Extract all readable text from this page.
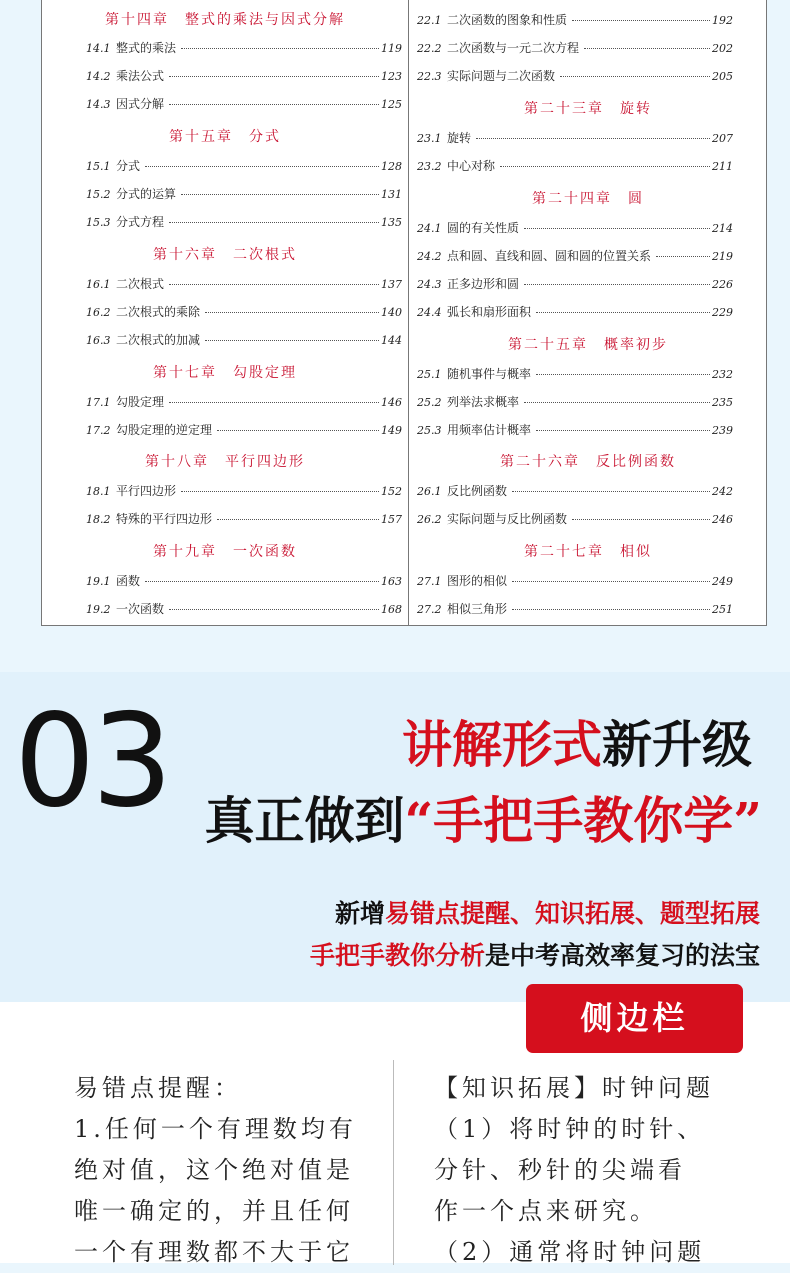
第十四章　整式的乘法与因式分解
14.1 整式的乘法	119
14.2 乘法公式	123
14.3 因式分解	125
第十五章　分式
15.1 分式	128
15.2 分式的运算	131
15.3 分式方程	135
第十六章　二次根式
16.1 二次根式	137
16.2 二次根式的乘除	140
16.3 二次根式的加减	144
第十七章　勾股定理
17.1 勾股定理	146
17.2 勾股定理的逆定理	149
第十八章　平行四边形
18.1 平行四边形	152
18.2 特殊的平行四边形	157
第十九章　一次函数
19.1 函数	163
19.2 一次函数	168
22.1 二次函数的图象和性质	192
22.2 二次函数与一元二次方程	202
22.3 实际问题与二次函数	205
第二十三章　旋转
23.1 旋转	207
23.2 中心对称	211
第二十四章　圆
24.1 圆的有关性质	214
24.2 点和圆、直线和圆、圆和圆的位置关系	219
24.3 正多边形和圆	226
24.4 弧长和扇形面积	229
第二十五章　概率初步
25.1 随机事件与概率	232
25.2 列举法求概率	235
25.3 用频率估计概率	239
第二十六章　反比例函数
26.1 反比例函数	242
26.2 实际问题与反比例函数	246
第二十七章　相似
27.1 图形的相似	249
27.2 相似三角形	251
03	讲解形式新升级
真正做到“手把手教你学”
新增易错点提醒、知识拓展、题型拓展
手把手教你分析是中考高效率复习的法宝
易错点提醒：
1.任何一个有理数均有
绝对值，这个绝对值是
唯一确定的，并且任何
一个有理数都不大于它
【知识拓展】时钟问题
（1）将时钟的时针、
分针、秒针的尖端看
作一个点来研究。
（2）通常将时钟问题
侧边栏
